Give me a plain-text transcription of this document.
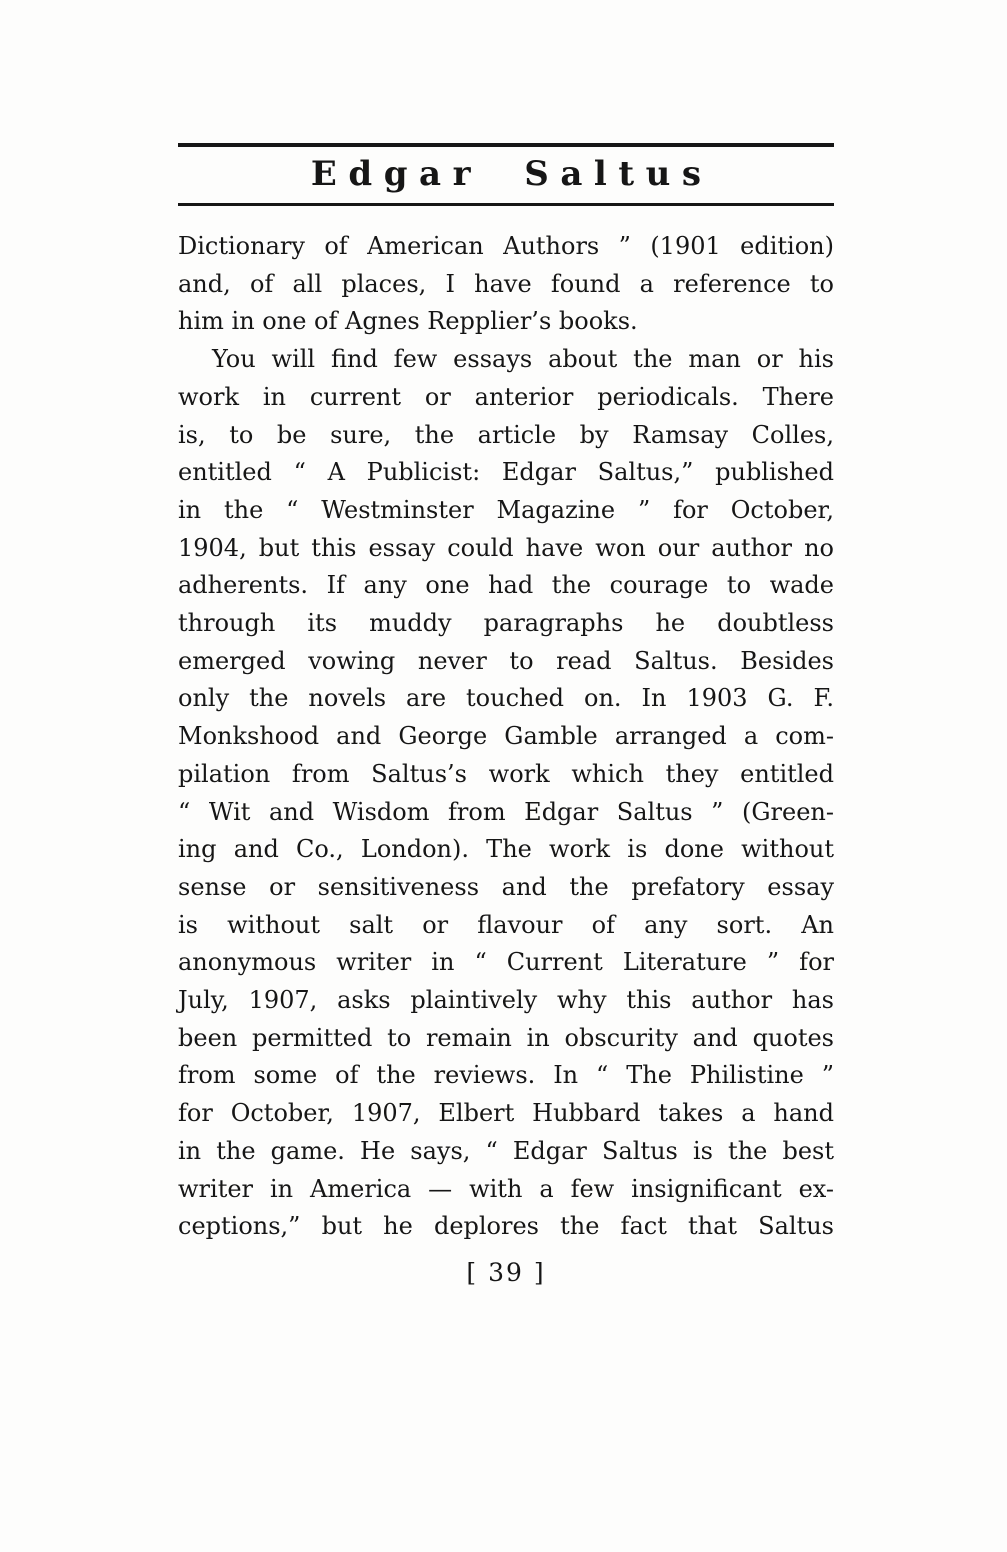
Edgar Saltus
Dictionary of American Authors ” (1901 edition)
and, of all places, I have found a reference to
him in one of Agnes Repplier’s books.
You will find few essays about the man or his
work in current or anterior periodicals. There
is, to be sure, the article by Ramsay Colles,
entitled “ A Publicist: Edgar Saltus,” published
in the “ Westminster Magazine ” for October,
1904, but this essay could have won our author no
adherents. If any one had the courage to wade
through its muddy paragraphs he doubtless
emerged vowing never to read Saltus. Besides
only the novels are touched on. In 1903 G. F.
Monkshood and George Gamble arranged a com-
pilation from Saltus’s work which they entitled
“ Wit and Wisdom from Edgar Saltus ” (Green-
ing and Co., London). The work is done without
sense or sensitiveness and the prefatory essay
is without salt or flavour of any sort. An
anonymous writer in “ Current Literature ” for
July, 1907, asks plaintively why this author has
been permitted to remain in obscurity and quotes
from some of the reviews. In “ The Philistine ”
for October, 1907, Elbert Hubbard takes a hand
in the game. He says, “ Edgar Saltus is the best
writer in America — with a few insignificant ex-
ceptions,” but he deplores the fact that Saltus
[ 39 ]
